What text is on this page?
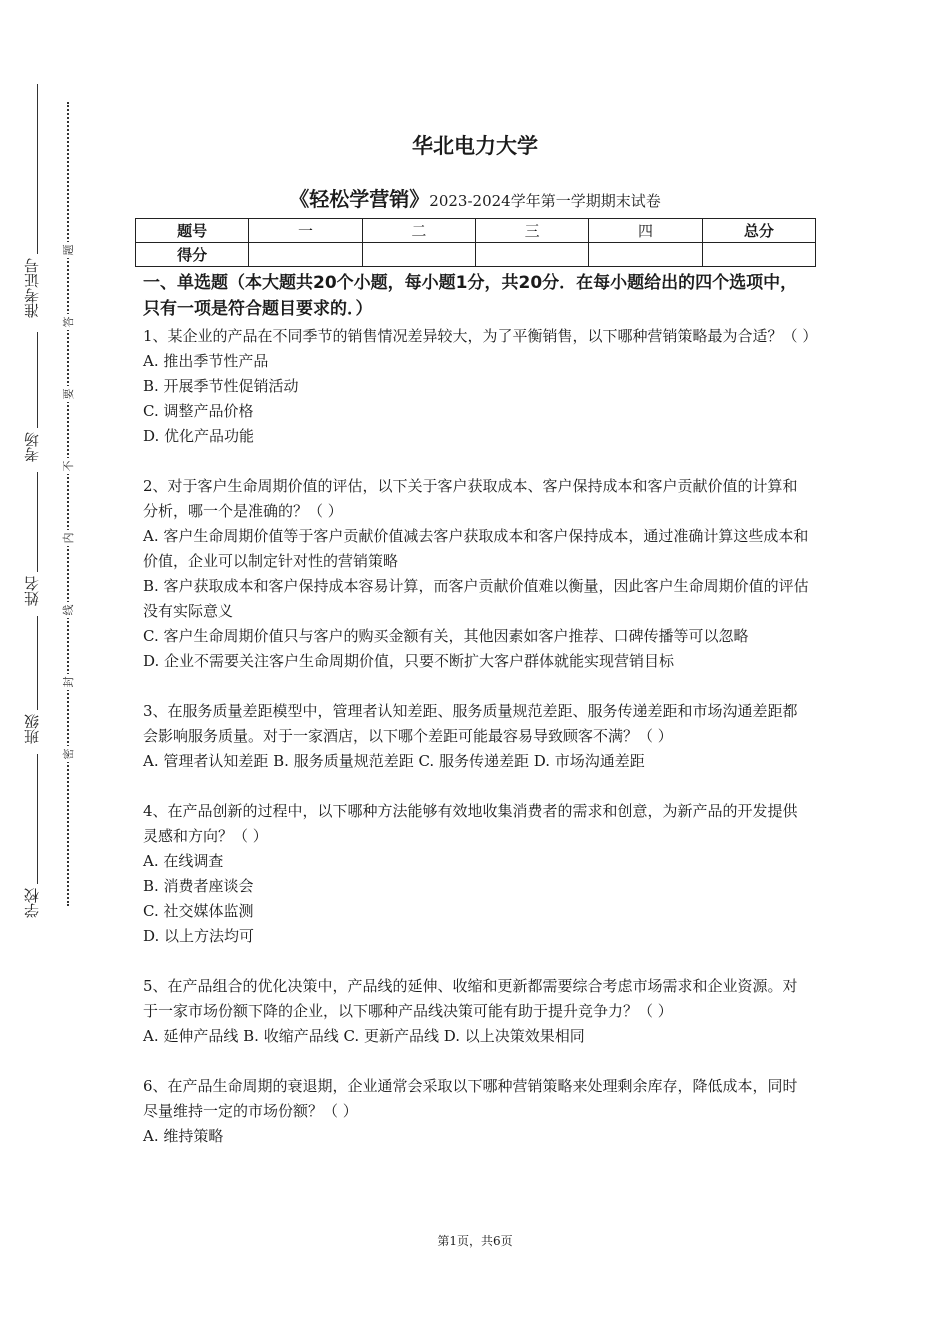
准考证号
考场
姓名
班级
学校
题
答
要
不
内
线
封
密
华北电力大学
《轻松学营销》2023-2024学年第一学期期末试卷
题号	一	二	三	四	总分
得分					
一、单选题（本大题共20个小题，每小题1分，共20分．在每小题给出的四个选项中，只有一项是符合题目要求的．）

1、某企业的产品在不同季节的销售情况差异较大，为了平衡销售，以下哪种营销策略最为合适？（ ）

A. 推出季节性产品

B. 开展季节性促销活动

C. 调整产品价格

D. 优化产品功能

2、对于客户生命周期价值的评估，以下关于客户获取成本、客户保持成本和客户贡献价值的计算和分析，哪一个是准确的？（ ）

A. 客户生命周期价值等于客户贡献价值减去客户获取成本和客户保持成本，通过准确计算这些成本和价值，企业可以制定针对性的营销策略

B. 客户获取成本和客户保持成本容易计算，而客户贡献价值难以衡量，因此客户生命周期价值的评估没有实际意义

C. 客户生命周期价值只与客户的购买金额有关，其他因素如客户推荐、口碑传播等可以忽略

D. 企业不需要关注客户生命周期价值，只要不断扩大客户群体就能实现营销目标

3、在服务质量差距模型中，管理者认知差距、服务质量规范差距、服务传递差距和市场沟通差距都会影响服务质量。对于一家酒店，以下哪个差距可能最容易导致顾客不满？（ ）

A. 管理者认知差距 B. 服务质量规范差距 C. 服务传递差距 D. 市场沟通差距

4、在产品创新的过程中，以下哪种方法能够有效地收集消费者的需求和创意，为新产品的开发提供灵感和方向？（ ）

A. 在线调查

B. 消费者座谈会

C. 社交媒体监测

D. 以上方法均可

5、在产品组合的优化决策中，产品线的延伸、收缩和更新都需要综合考虑市场需求和企业资源。对于一家市场份额下降的企业，以下哪种产品线决策可能有助于提升竞争力？（ ）

A. 延伸产品线 B. 收缩产品线 C. 更新产品线 D. 以上决策效果相同

6、在产品生命周期的衰退期，企业通常会采取以下哪种营销策略来处理剩余库存，降低成本，同时尽量维持一定的市场份额？（ ）

A. 维持策略

第1页，共6页
